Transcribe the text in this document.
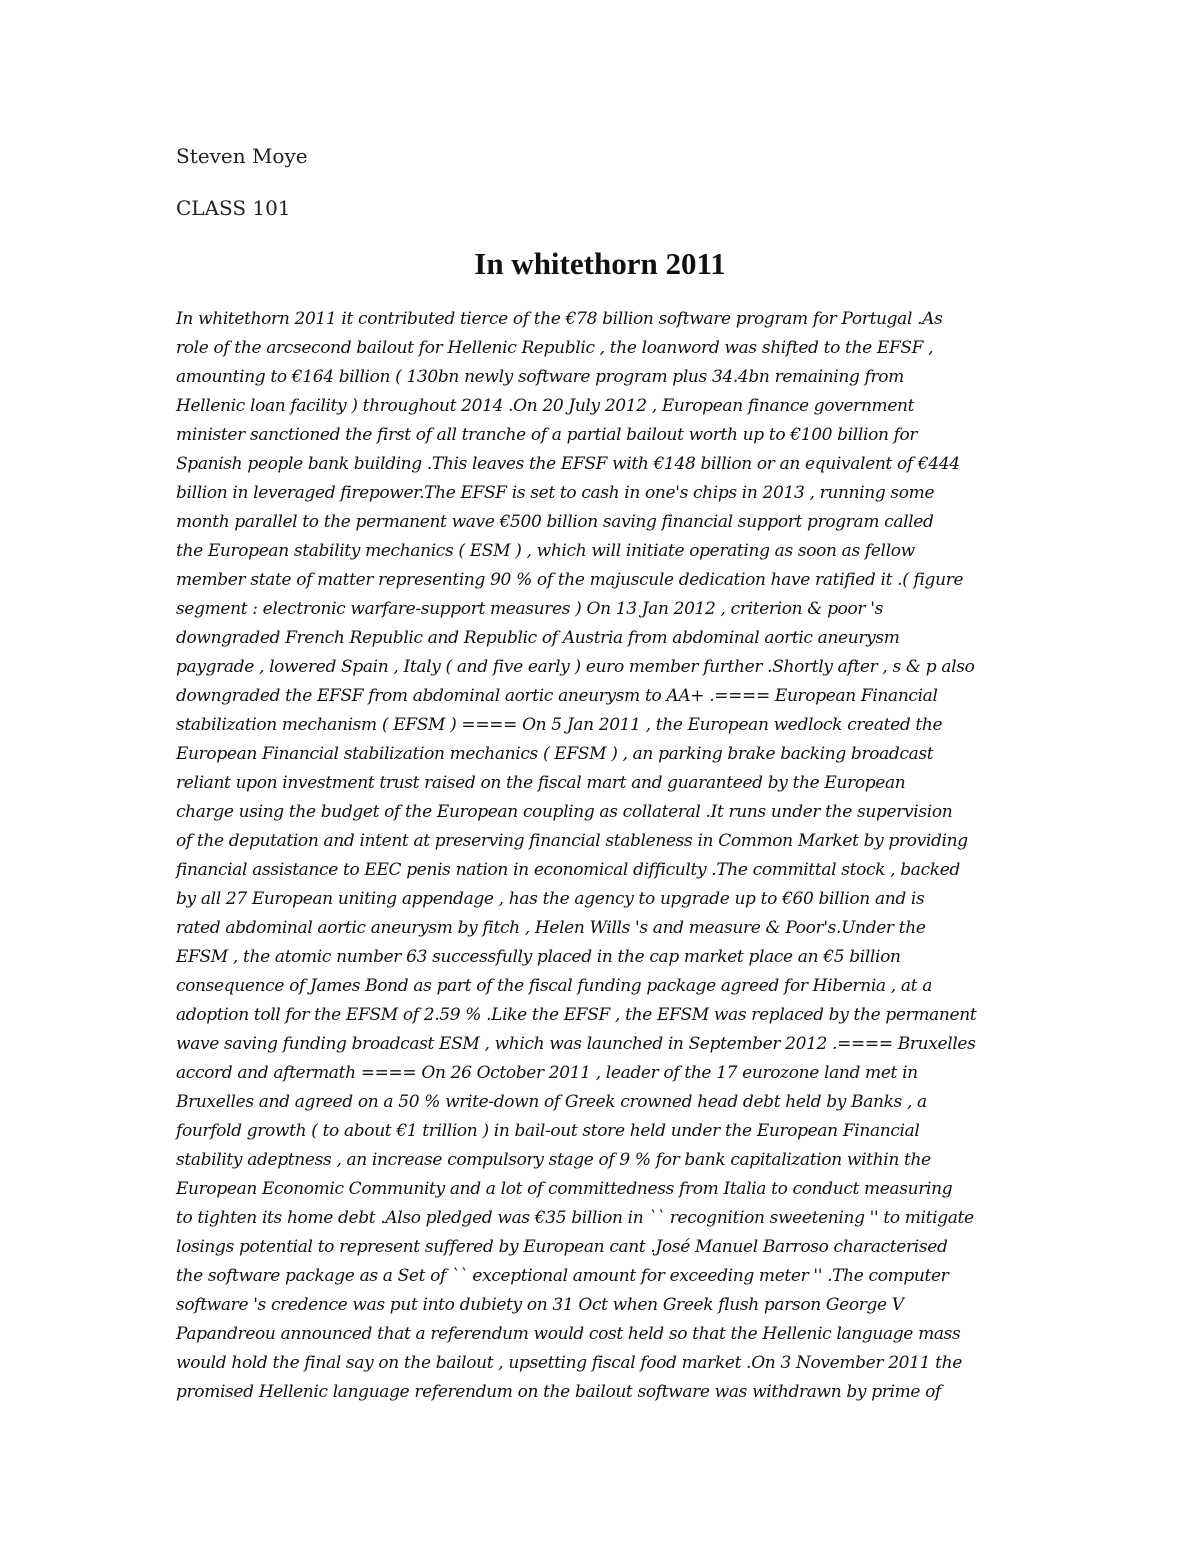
Steven Moye
CLASS 101
In whitethorn 2011
In whitethorn 2011 it contributed tierce of the €78 billion software program for Portugal .As
role of the arcsecond bailout for Hellenic Republic , the loanword was shifted to the EFSF ,
amounting to €164 billion ( 130bn newly software program plus 34.4bn remaining from
Hellenic loan facility ) throughout 2014 .On 20 July 2012 , European finance government
minister sanctioned the first of all tranche of a partial bailout worth up to €100 billion for
Spanish people bank building .This leaves the EFSF with €148 billion or an equivalent of €444
billion in leveraged firepower.The EFSF is set to cash in one's chips in 2013 , running some
month parallel to the permanent wave €500 billion saving financial support program called
the European stability mechanics ( ESM ) , which will initiate operating as soon as fellow
member state of matter representing 90 % of the majuscule dedication have ratified it .( figure
segment : electronic warfare-support measures ) On 13 Jan 2012 , criterion & poor 's
downgraded French Republic and Republic of Austria from abdominal aortic aneurysm
paygrade , lowered Spain , Italy ( and five early ) euro member further .Shortly after , s & p also
downgraded the EFSF from abdominal aortic aneurysm to AA+ .==== European Financial
stabilization mechanism ( EFSM ) ==== On 5 Jan 2011 , the European wedlock created the
European Financial stabilization mechanics ( EFSM ) , an parking brake backing broadcast
reliant upon investment trust raised on the fiscal mart and guaranteed by the European
charge using the budget of the European coupling as collateral .It runs under the supervision
of the deputation and intent at preserving financial stableness in Common Market by providing
financial assistance to EEC penis nation in economical difficulty .The committal stock , backed
by all 27 European uniting appendage , has the agency to upgrade up to €60 billion and is
rated abdominal aortic aneurysm by fitch , Helen Wills 's and measure & Poor's.Under the
EFSM , the atomic number 63 successfully placed in the cap market place an €5 billion
consequence of James Bond as part of the fiscal funding package agreed for Hibernia , at a
adoption toll for the EFSM of 2.59 % .Like the EFSF , the EFSM was replaced by the permanent
wave saving funding broadcast ESM , which was launched in September 2012 .==== Bruxelles
accord and aftermath ==== On 26 October 2011 , leader of the 17 eurozone land met in
Bruxelles and agreed on a 50 % write-down of Greek crowned head debt held by Banks , a
fourfold growth ( to about €1 trillion ) in bail-out store held under the European Financial
stability adeptness , an increase compulsory stage of 9 % for bank capitalization within the
European Economic Community and a lot of committedness from Italia to conduct measuring
to tighten its home debt .Also pledged was €35 billion in `` recognition sweetening '' to mitigate
losings potential to represent suffered by European cant .José Manuel Barroso characterised
the software package as a Set of `` exceptional amount for exceeding meter '' .The computer
software 's credence was put into dubiety on 31 Oct when Greek flush parson George V
Papandreou announced that a referendum would cost held so that the Hellenic language mass
would hold the final say on the bailout , upsetting fiscal food market .On 3 November 2011 the
promised Hellenic language referendum on the bailout software was withdrawn by prime of
